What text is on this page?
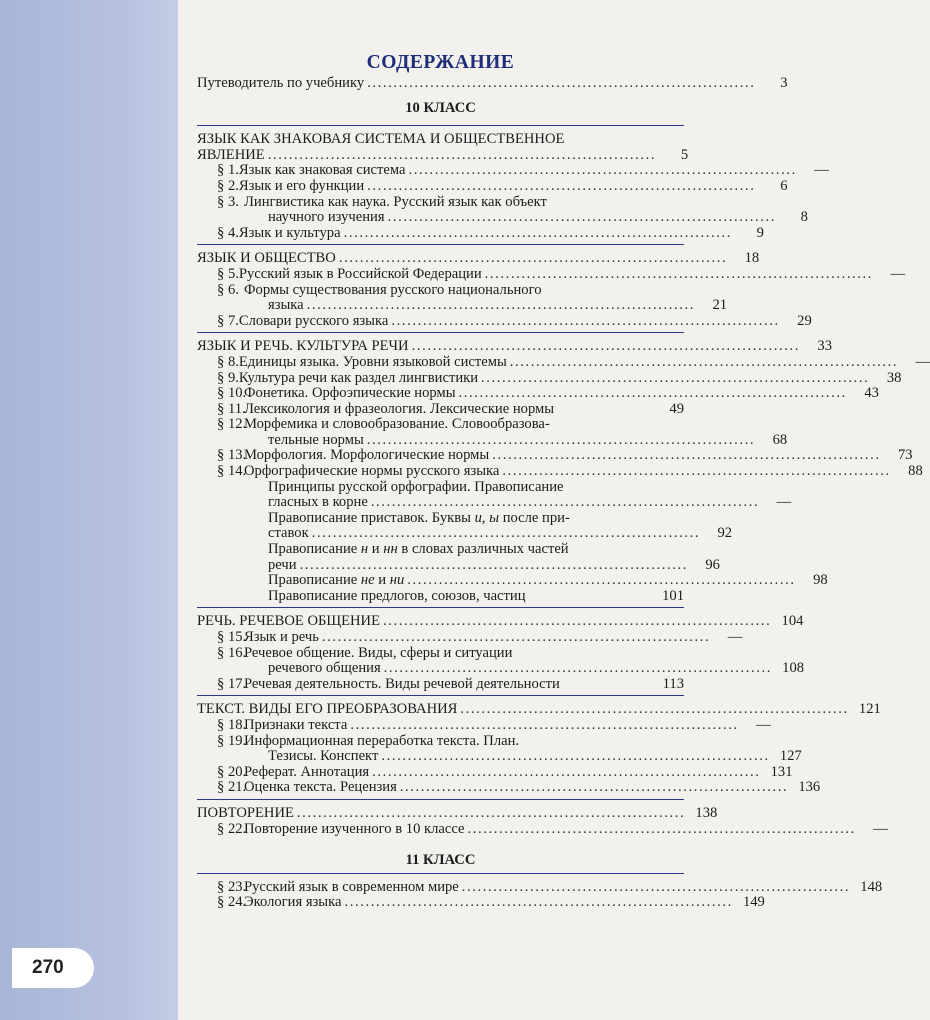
270
СОДЕРЖАНИЕ
Путеводитель по учебнику ..........................................................................	3
10 КЛАСС
ЯЗЫК КАК ЗНАКОВАЯ СИСТЕМА И ОБЩЕСТВЕННОЕ
ЯВЛЕНИЕ ..........................................................................	5
§ 1. Язык как знаковая система ..........................................................................	—
§ 2. Язык и его функции ..........................................................................	6
§ 3. Лингвистика как наука. Русский язык как объект
научного изучения ..........................................................................	8
§ 4. Язык и культура ..........................................................................	9
ЯЗЫК И ОБЩЕСТВО ..........................................................................	18
§ 5. Русский язык в Российской Федерации ..........................................................................	—
§ 6. Формы существования русского национального
языка ..........................................................................	21
§ 7. Словари русского языка ..........................................................................	29
ЯЗЫК И РЕЧЬ. КУЛЬТУРА РЕЧИ ..........................................................................	33
§ 8. Единицы языка. Уровни языковой системы ..........................................................................	—
§ 9. Культура речи как раздел лингвистики ..........................................................................	38
§ 10.
Фонетика. Орфоэпические нормы ..........................................................................	43
§ 11.
Лексикология и фразеология. Лексические нормы	49
§ 12.
Морфемика и словообразование. Словообразова-
тельные нормы ..........................................................................	68
§ 13.
Морфология. Морфологические нормы ..........................................................................	73
§ 14.
Орфографические нормы русского языка ..........................................................................	88
Принципы русской орфографии. Правописание
гласных в корне ..........................................................................	—
Правописание приставок. Буквы и, ы после при-
ставок ..........................................................................	92
Правописание н и нн в словах различных частей
речи ..........................................................................	96
Правописание не и ни ..........................................................................	98
Правописание предлогов, союзов, частиц	101
РЕЧЬ. РЕЧЕВОЕ ОБЩЕНИЕ .......................................................................... 104
§ 15.
Язык и речь ..........................................................................	—
§ 16.
Речевое общение. Виды, сферы и ситуации
речевого общения .......................................................................... 108
§ 17.
Речевая деятельность. Виды речевой деятельности	113
ТЕКСТ. ВИДЫ ЕГО ПРЕОБРАЗОВАНИЯ .......................................................................... 121
§ 18.
Признаки текста ..........................................................................	—
§ 19.
Информационная переработка текста. План.
Тезисы. Конспект .......................................................................... 127
§ 20.
Реферат. Аннотация .......................................................................... 131
§ 21.
Оценка текста. Рецензия .......................................................................... 136
ПОВТОРЕНИЕ .......................................................................... 138
§ 22.
Повторение изученного в 10 классе ..........................................................................	—
11 КЛАСС
§ 23.
Русский язык в современном мире .......................................................................... 148
§ 24.
Экология языка .......................................................................... 149
